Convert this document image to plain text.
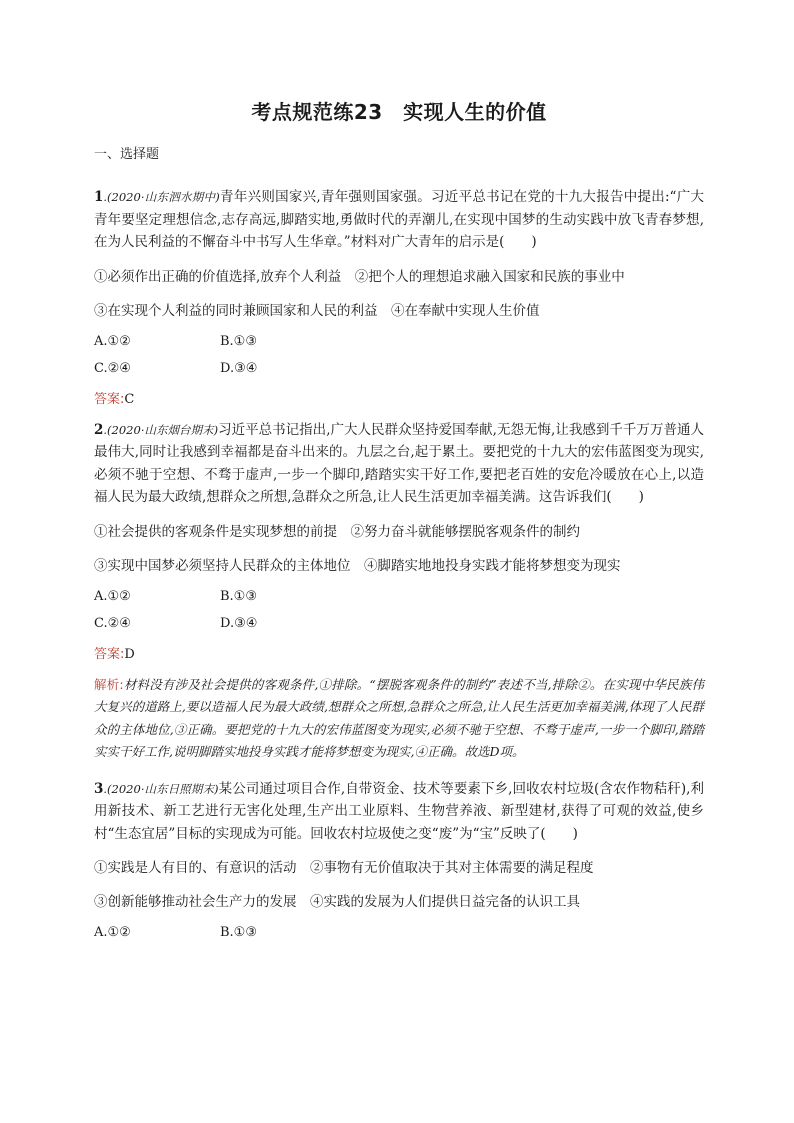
考点规范练23　实现人生的价值
一、选择题

1.(2020·山东泗水期中)青年兴则国家兴,青年强则国家强。习近平总书记在党的十九大报告中提出:“广大青年要坚定理想信念,志存高远,脚踏实地,勇做时代的弄潮儿,在实现中国梦的生动实践中放飞青春梦想,在为人民利益的不懈奋斗中书写人生华章。”材料对广大青年的启示是(　　)

①必须作出正确的价值选择,放弃个人利益　②把个人的理想追求融入国家和民族的事业中

③在实现个人利益的同时兼顾国家和人民的利益　④在奉献中实现人生价值

A.①②	B.①③
C.②④	D.③④

答案:C

2.(2020·山东烟台期末)习近平总书记指出,广大人民群众坚持爱国奉献,无怨无悔,让我感到千千万万普通人最伟大,同时让我感到幸福都是奋斗出来的。九层之台,起于累土。要把党的十九大的宏伟蓝图变为现实,必须不驰于空想、不骛于虚声,一步一个脚印,踏踏实实干好工作,要把老百姓的安危冷暖放在心上,以造福人民为最大政绩,想群众之所想,急群众之所急,让人民生活更加幸福美满。这告诉我们(　　)

①社会提供的客观条件是实现梦想的前提　②努力奋斗就能够摆脱客观条件的制约

③实现中国梦必须坚持人民群众的主体地位　④脚踏实地地投身实践才能将梦想变为现实

A.①②	B.①③
C.②④	D.③④

答案:D

解析:材料没有涉及社会提供的客观条件,①排除。“摆脱客观条件的制约”表述不当,排除②。在实现中华民族伟大复兴的道路上,要以造福人民为最大政绩,想群众之所想,急群众之所急,让人民生活更加幸福美满,体现了人民群众的主体地位,③正确。要把党的十九大的宏伟蓝图变为现实,必须不驰于空想、不骛于虚声,一步一个脚印,踏踏实实干好工作,说明脚踏实地投身实践才能将梦想变为现实,④正确。故选D项。

3.(2020·山东日照期末)某公司通过项目合作,自带资金、技术等要素下乡,回收农村垃圾(含农作物秸秆),利用新技术、新工艺进行无害化处理,生产出工业原料、生物营养液、新型建材,获得了可观的效益,使乡村“生态宜居”目标的实现成为可能。回收农村垃圾使之变“废”为“宝”反映了(　　)

①实践是人有目的、有意识的活动　②事物有无价值取决于其对主体需要的满足程度

③创新能够推动社会生产力的发展　④实践的发展为人们提供日益完备的认识工具

A.①②	B.①③
